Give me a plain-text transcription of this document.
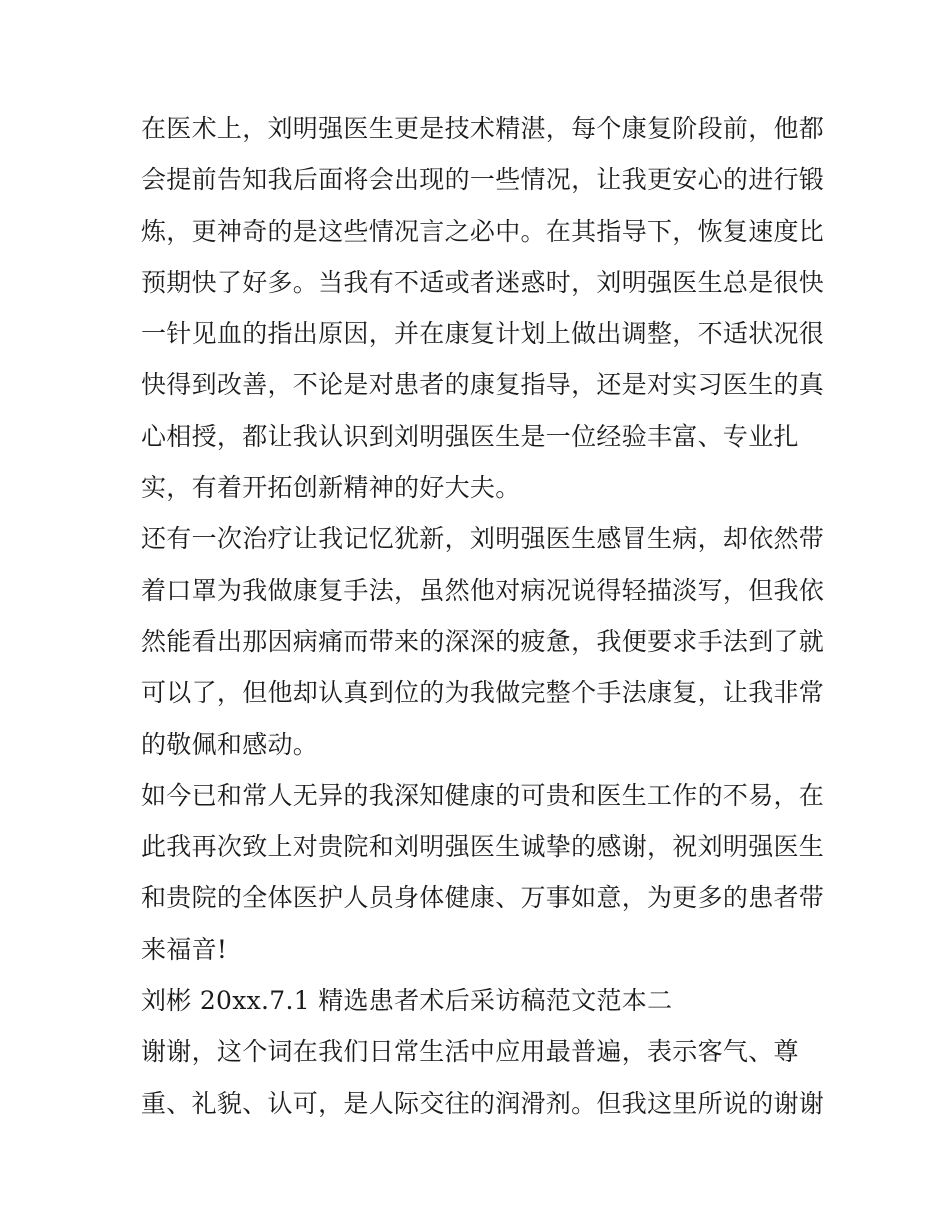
在医术上，刘明强医生更是技术精湛，每个康复阶段前，他都
会提前告知我后面将会出现的一些情况，让我更安心的进行锻
炼，更神奇的是这些情况言之必中。在其指导下，恢复速度比
预期快了好多。当我有不适或者迷惑时，刘明强医生总是很快
一针见血的指出原因，并在康复计划上做出调整，不适状况很
快得到改善，不论是对患者的康复指导，还是对实习医生的真
心相授，都让我认识到刘明强医生是一位经验丰富、专业扎
实，有着开拓创新精神的好大夫。
还有一次治疗让我记忆犹新，刘明强医生感冒生病，却依然带
着口罩为我做康复手法，虽然他对病况说得轻描淡写，但我依
然能看出那因病痛而带来的深深的疲惫，我便要求手法到了就
可以了，但他却认真到位的为我做完整个手法康复，让我非常
的敬佩和感动。
如今已和常人无异的我深知健康的可贵和医生工作的不易，在
此我再次致上对贵院和刘明强医生诚挚的感谢，祝刘明强医生
和贵院的全体医护人员身体健康、万事如意，为更多的患者带
来福音!
刘彬 20xx.7.1 精选患者术后采访稿范文范本二
谢谢，这个词在我们日常生活中应用最普遍，表示客气、尊
重、礼貌、认可，是人际交往的润滑剂。但我这里所说的谢谢
